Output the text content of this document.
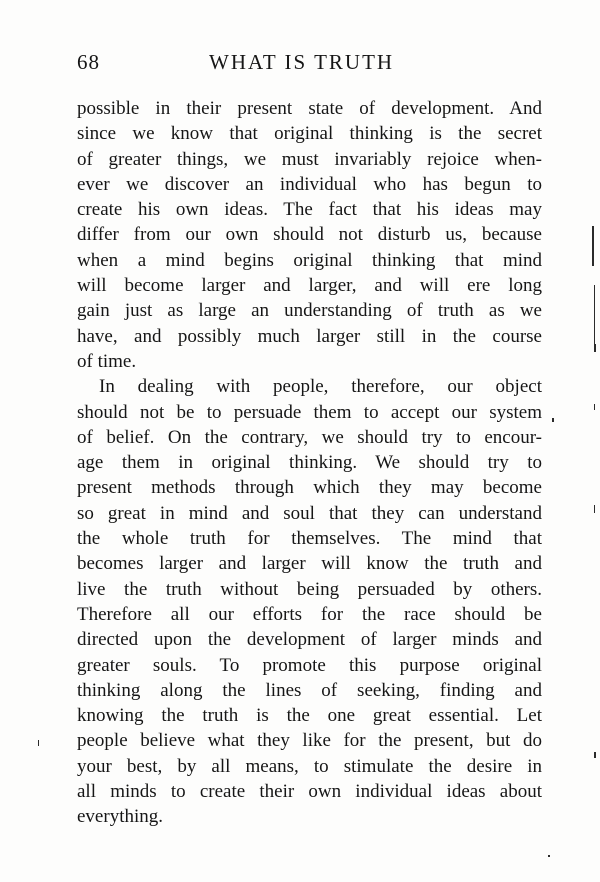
68	WHAT IS TRUTH
possible in their present state of development. And
since we know that original thinking is the secret
of greater things, we must invariably rejoice when-
ever we discover an individual who has begun to
create his own ideas. The fact that his ideas may
differ from our own should not disturb us, because
when a mind begins original thinking that mind
will become larger and larger, and will ere long
gain just as large an understanding of truth as we
have, and possibly much larger still in the course
of time.
In dealing with people, therefore, our object
should not be to persuade them to accept our system
of belief. On the contrary, we should try to encour-
age them in original thinking. We should try to
present methods through which they may become
so great in mind and soul that they can understand
the whole truth for themselves. The mind that
becomes larger and larger will know the truth and
live the truth without being persuaded by others.
Therefore all our efforts for the race should be
directed upon the development of larger minds and
greater souls. To promote this purpose original
thinking along the lines of seeking, finding and
knowing the truth is the one great essential. Let
people believe what they like for the present, but do
your best, by all means, to stimulate the desire in
all minds to create their own individual ideas about
everything.
